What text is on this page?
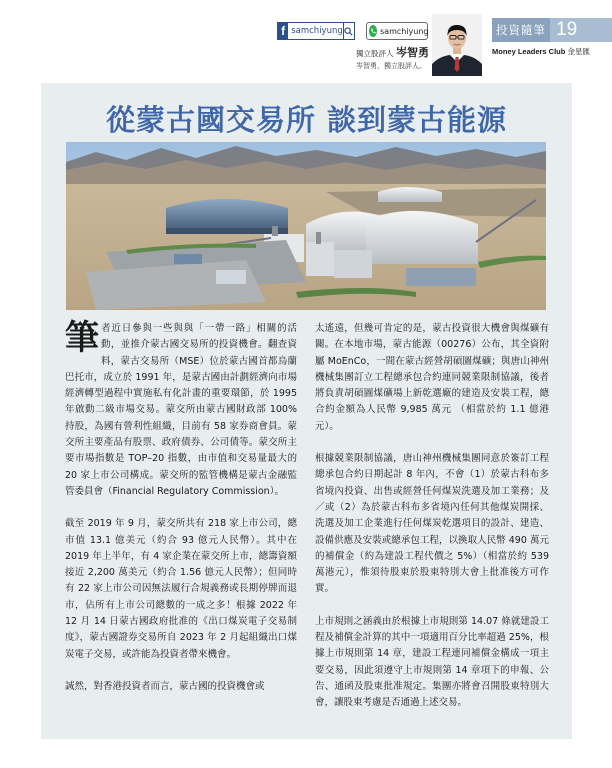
f samchiyung	samchiyung
獨立股評人 岑智勇
岑智勇，獨立股評人。
投資隨筆 19
Money Leaders Club 金星匯
從蒙古國交易所 談到蒙古能源

筆者近日參與一些與與「一帶一路」相關的活動，並推介蒙古國交易所的投資機會。翻查資料，蒙古交易所（MSE）位於蒙古國首都烏蘭巴托市，成立於 1991 年，是蒙古國由計劃經濟向市場經濟轉型過程中實施私有化計畫的重要環節，於 1995 年啟動二級市場交易。蒙交所由蒙古國財政部 100% 持股，為國有營利性組織，目前有 58 家券商會員。蒙交所主要產品有股票、政府債券、公司債等。蒙交所主要市場指數是 TOP–20 指數，由市值和交易量最大的 20 家上市公司構成。蒙交所的監管機構是蒙古金融監管委員會（Financial Regulatory Commission）。

截至 2019 年 9 月，蒙交所共有 218 家上市公司，總市值 13.1 億美元（約合 93 億元人民幣）。其中在 2019 年上半年，有 4 家企業在蒙交所上市，總籌資額接近 2,200 萬美元（約合 1.56 億元人民幣）；但同時有 22 家上市公司因無法履行合規義務或長期停牌而退市，佔所有上市公司總數的一成之多！根據 2022 年 12 月 14 日蒙古國政府批准的《出口煤炭電子交易制度》，蒙古國證券交易所自 2023 年 2 月起組織出口煤炭電子交易，或許能為投資者帶來機會。

誠然，對香港投資者而言，蒙古國的投資機會或

太遙遠，但幾可肯定的是，蒙古投資很大機會與煤礦有關。在本地市場，蒙古能源（00276）公布，其全資附屬 MoEnCo，一間在蒙古經營胡碩圖煤礦；與唐山神州機械集團訂立工程總承包合約連同競業限制協議，後者將負責胡碩圖煤礦場上新乾選廠的建造及安裝工程，總合約金額為人民幣 9,985 萬元 （相當於約 1.1 億港元）。

根據競業限制協議，唐山神州機械集團同意於簽訂工程總承包合約日期起計 8 年內，不會（1）於蒙古科布多省境內投資、出售或經營任何煤炭洗選及加工業務；及／或（2）為於蒙古科布多省境內任何其他煤炭開採、洗選及加工企業進行任何煤炭乾選項目的設計、建造、設備供應及安裝或總承包工程，以換取人民幣 490 萬元的補償金（約為建設工程代價之 5%）（相當於約 539 萬港元），惟須待股東於股東特別大會上批准後方可作實。

上市規則之涵義由於根據上市規則第 14.07 條就建設工程及補償金計算的其中一項適用百分比率超過 25%，根據上市規則第 14 章，建設工程連同補償金構成一項主要交易，因此須遵守上市規則第 14 章項下的申報、公告、通函及股東批准規定。集團亦將會召開股東特別大會，讓股東考慮是否通過上述交易。
